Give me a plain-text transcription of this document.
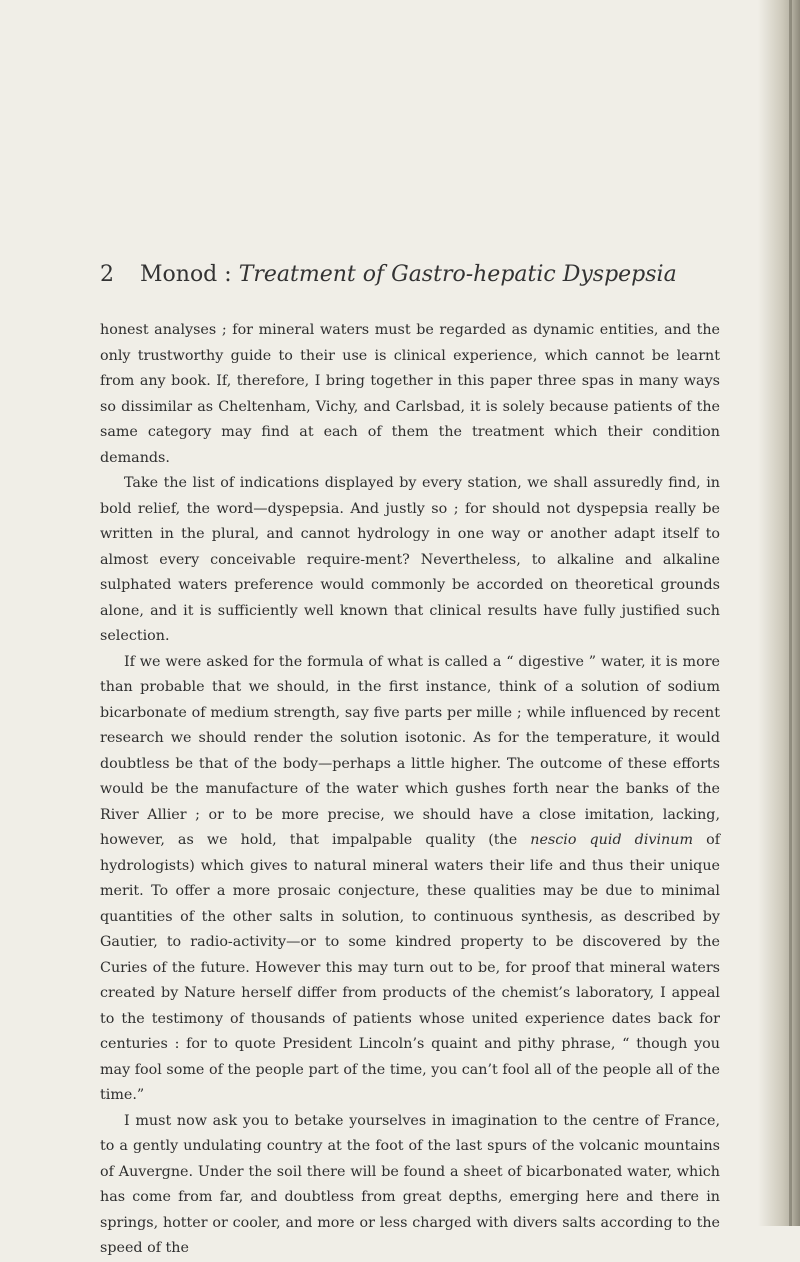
2 Monod : Treatment of Gastro-hepatic Dyspepsia

honest analyses ; for mineral waters must be regarded as dynamic entities, and the only trustworthy guide to their use is clinical experience, which cannot be learnt from any book. If, therefore, I bring together in this paper three spas in many ways so dissimilar as Cheltenham, Vichy, and Carlsbad, it is solely because patients of the same category may find at each of them the treatment which their condition demands.

Take the list of indications displayed by every station, we shall assuredly find, in bold relief, the word—dyspepsia. And justly so ; for should not dyspepsia really be written in the plural, and cannot hydrology in one way or another adapt itself to almost every conceivable require-ment? Nevertheless, to alkaline and alkaline sulphated waters preference would commonly be accorded on theoretical grounds alone, and it is sufficiently well known that clinical results have fully justified such selection.

If we were asked for the formula of what is called a “ digestive ” water, it is more than probable that we should, in the first instance, think of a solution of sodium bicarbonate of medium strength, say five parts per mille ; while influenced by recent research we should render the solution isotonic. As for the temperature, it would doubtless be that of the body—perhaps a little higher. The outcome of these efforts would be the manufacture of the water which gushes forth near the banks of the River Allier ; or to be more precise, we should have a close imitation, lacking, however, as we hold, that impalpable quality (the nescio quid divinum of hydrologists) which gives to natural mineral waters their life and thus their unique merit. To offer a more prosaic conjecture, these qualities may be due to minimal quantities of the other salts in solution, to continuous synthesis, as described by Gautier, to radio-activity—or to some kindred property to be discovered by the Curies of the future. However this may turn out to be, for proof that mineral waters created by Nature herself differ from products of the chemist’s laboratory, I appeal to the testimony of thousands of patients whose united experience dates back for centuries : for to quote President Lincoln’s quaint and pithy phrase, “ though you may fool some of the people part of the time, you can’t fool all of the people all of the time.”

I must now ask you to betake yourselves in imagination to the centre of France, to a gently undulating country at the foot of the last spurs of the volcanic mountains of Auvergne. Under the soil there will be found a sheet of bicarbonated water, which has come from far, and doubtless from great depths, emerging here and there in springs, hotter or cooler, and more or less charged with divers salts according to the speed of the
